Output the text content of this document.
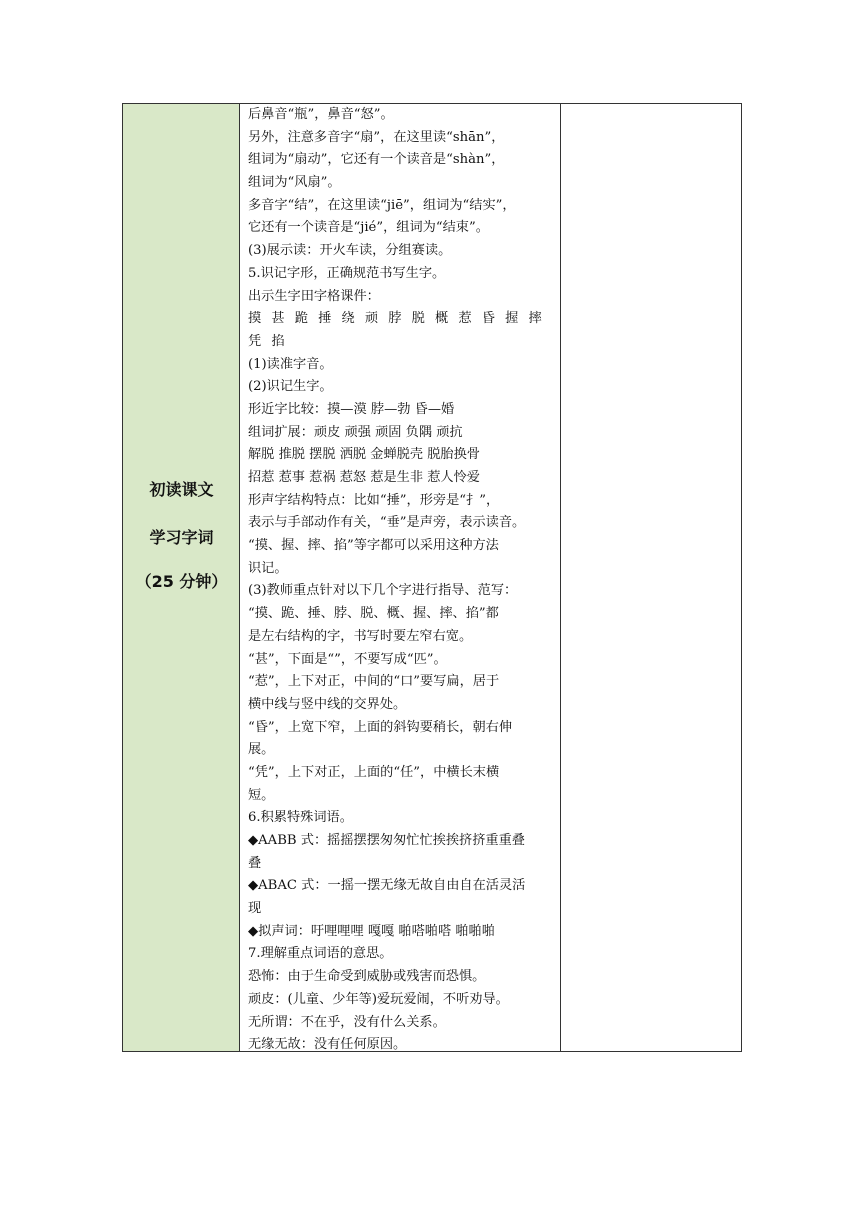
初读课文
学习字词
（25 分钟）
后鼻音“瓶”，鼻音“怒”。
另外，注意多音字“扇”，在这里读“shān”，
组词为“扇动”，它还有一个读音是“shàn”，
组词为“风扇”。
多音字“结”，在这里读“jiē”，组词为“结实”，
它还有一个读音是“jié”，组词为“结束”。
(3)展示读：开火车读，分组赛读。
5.识记字形，正确规范书写生字。
出示生字田字格课件：
摸 甚 跪 捶 绕 顽 脖 脱 概 惹 昏 握 摔
凭 掐
(1)读准字音。
(2)识记生字。
形近字比较：摸—漠 脖—勃 昏—婚
组词扩展：顽皮 顽强 顽固 负隅 顽抗
解脱 推脱 摆脱 洒脱 金蝉脱壳 脱胎换骨
招惹 惹事 惹祸 惹怒 惹是生非 惹人怜爱
形声字结构特点：比如“捶”，形旁是“扌”，
表示与手部动作有关，“垂”是声旁，表示读音。
“摸、握、摔、掐”等字都可以采用这种方法
识记。
(3)教师重点针对以下几个字进行指导、范写：
“摸、跪、捶、脖、脱、概、握、摔、掐”都
是左右结构的字，书写时要左窄右宽。
“甚”，下面是“”，不要写成“匹”。
“惹”，上下对正，中间的“口”要写扁，居于
横中线与竖中线的交界处。
“昏”，上宽下窄，上面的斜钩要稍长，朝右伸
展。
“凭”，上下对正，上面的“任”，中横长末横
短。
6.积累特殊词语。
◆AABB 式：摇摇摆摆匆匆忙忙挨挨挤挤重重叠
叠
◆ABAC 式：一摇一摆无缘无故自由自在活灵活
现
◆拟声词：吁哩哩哩 嘎嘎 啪嗒啪嗒 啪啪啪
7.理解重点词语的意思。
恐怖：由于生命受到威胁或残害而恐惧。
顽皮：(儿童、少年等)爱玩爱闹，不听劝导。
无所谓：不在乎，没有什么关系。
无缘无故：没有任何原因。
